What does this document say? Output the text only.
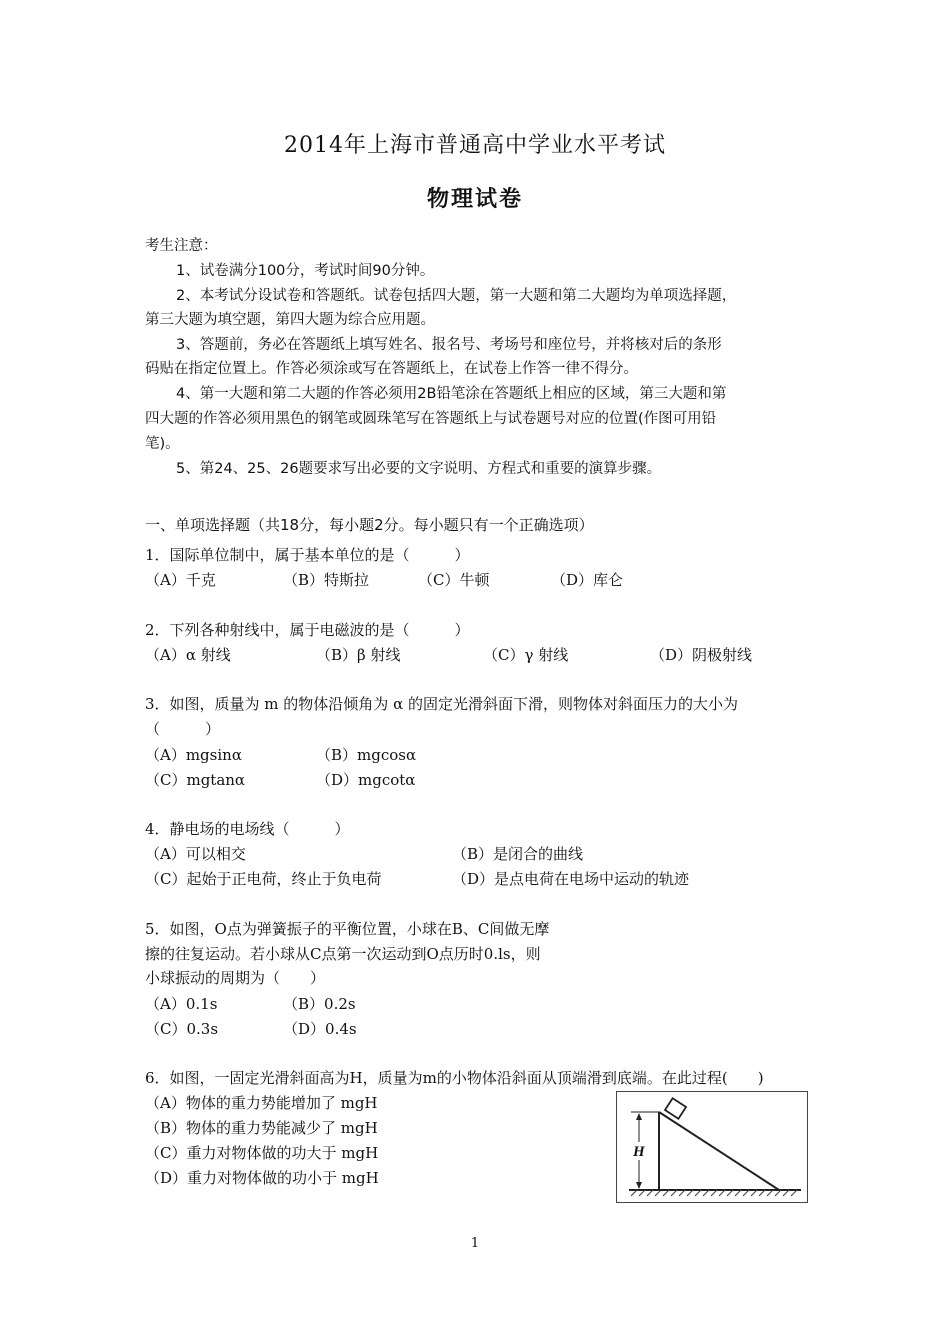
2014年上海市普通高中学业水平考试
物理试卷
考生注意：
1、试卷满分100分，考试时间90分钟。
2、本考试分设试卷和答题纸。试卷包括四大题，第一大题和第二大题均为单项选择题，
第三大题为填空题，第四大题为综合应用题。
3、答题前，务必在答题纸上填写姓名、报名号、考场号和座位号，并将核对后的条形
码贴在指定位置上。作答必须涂或写在答题纸上，在试卷上作答一律不得分。
4、第一大题和第二大题的作答必须用2B铅笔涂在答题纸上相应的区域，第三大题和第
四大题的作答必须用黑色的钢笔或圆珠笔写在答题纸上与试卷题号对应的位置(作图可用铅
笔)。
5、第24、25、26题要求写出必要的文字说明、方程式和重要的演算步骤。
一、单项选择题（共18分，每小题2分。每小题只有一个正确选项）
1．国际单位制中，属于基本单位的是（　　　）
（A）千克	（B）特斯拉	（C）牛顿	（D）库仑
2．下列各种射线中，属于电磁波的是（　　　）
（A）α 射线	（B）β 射线	（C）γ 射线	（D）阴极射线
3．如图，质量为 m 的物体沿倾角为 α 的固定光滑斜面下滑，则物体对斜面压力的大小为
（　　　）
（A）mgsinα	（B）mgcosα
（C）mgtanα	（D）mgcotα
4．静电场的电场线（　　　）
（A）可以相交	（B）是闭合的曲线
（C）起始于正电荷，终止于负电荷	（D）是点电荷在电场中运动的轨迹
5．如图，O点为弹簧振子的平衡位置，小球在B、C间做无摩
擦的往复运动。若小球从C点第一次运动到O点历时0.ls，则
小球振动的周期为（　　）
（A）0.1s	（B）0.2s
（C）0.3s	（D）0.4s
6．如图，一固定光滑斜面高为H，质量为m的小物体沿斜面从顶端滑到底端。在此过程(　　)
（A）物体的重力势能增加了 mgH
（B）物体的重力势能减少了 mgH
（C）重力对物体做的功大于 mgH
（D）重力对物体做的功小于 mgH
H
1
